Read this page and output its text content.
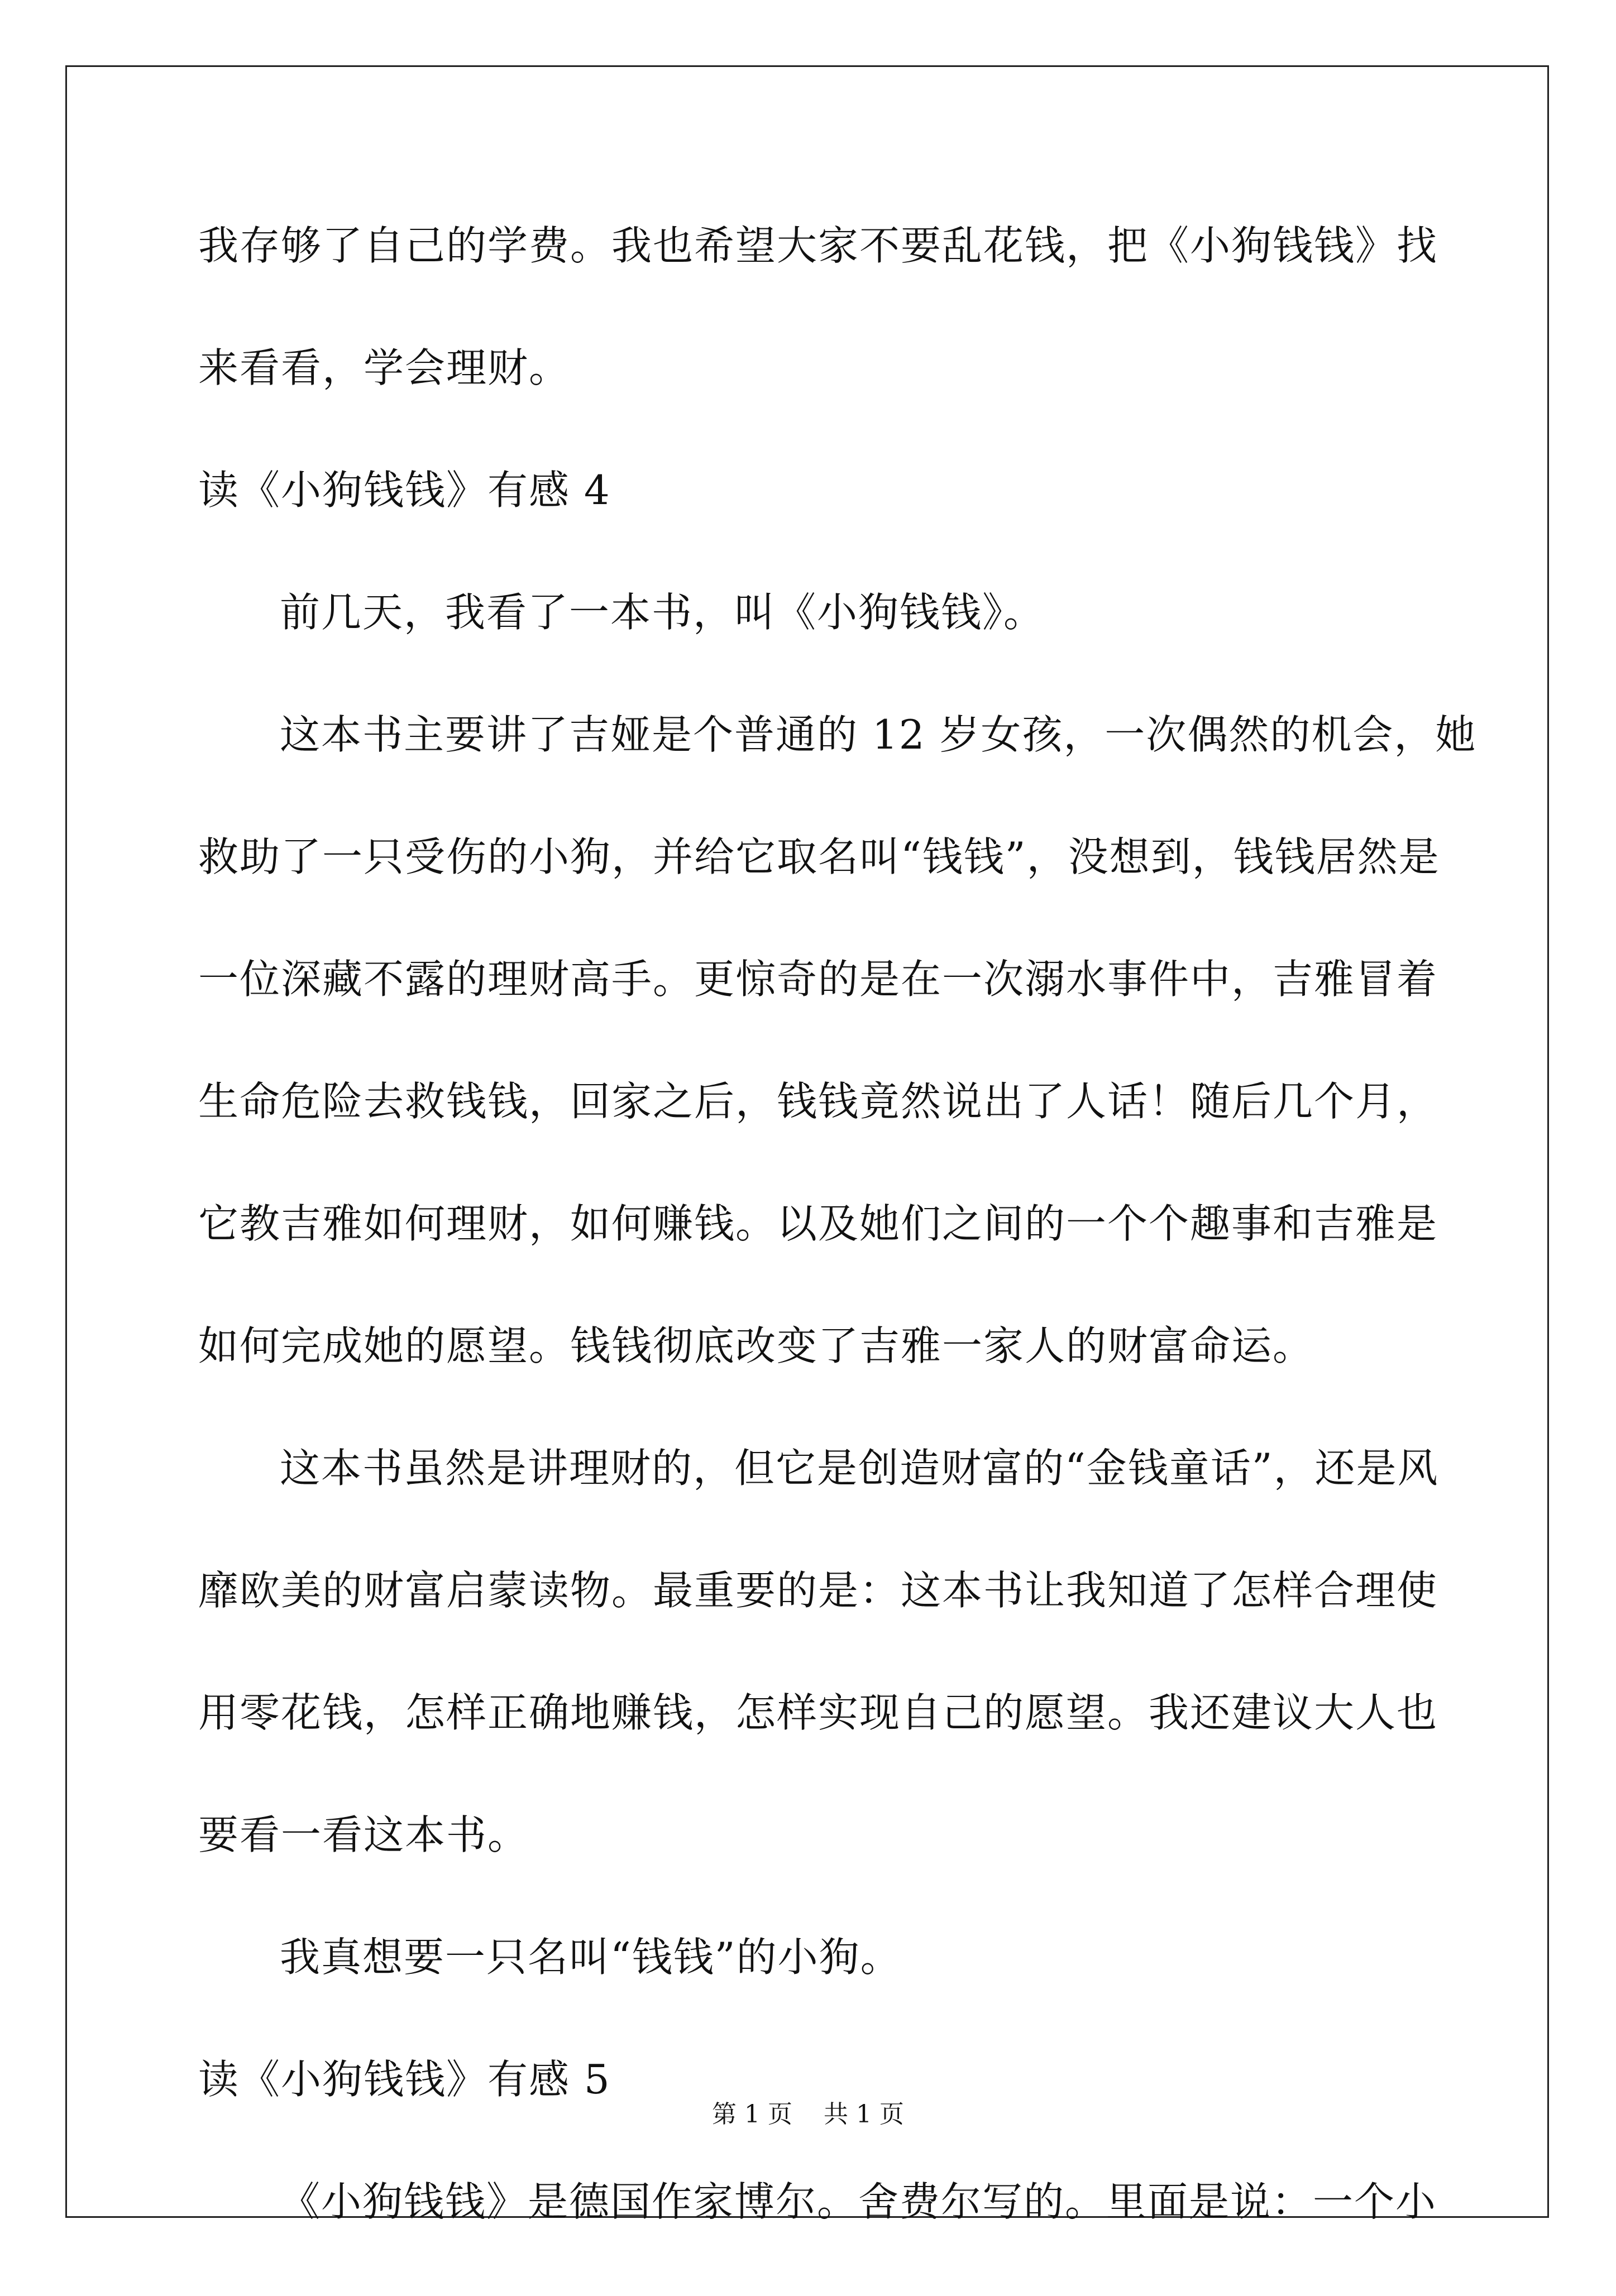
我存够了自己的学费。我也希望大家不要乱花钱，把《小狗钱钱》找
来看看，学会理财。
读《小狗钱钱》有感 4
前几天，我看了一本书，叫《小狗钱钱》。
这本书主要讲了吉娅是个普通的 12 岁女孩，一次偶然的机会，她
救助了一只受伤的小狗，并给它取名叫“钱钱”，没想到，钱钱居然是
一位深藏不露的理财高手。更惊奇的是在一次溺水事件中，吉雅冒着
生命危险去救钱钱，回家之后，钱钱竟然说出了人话！随后几个月，
它教吉雅如何理财，如何赚钱。以及她们之间的一个个趣事和吉雅是
如何完成她的愿望。钱钱彻底改变了吉雅一家人的财富命运。
这本书虽然是讲理财的，但它是创造财富的“金钱童话”，还是风
靡欧美的财富启蒙读物。最重要的是：这本书让我知道了怎样合理使
用零花钱，怎样正确地赚钱，怎样实现自己的愿望。我还建议大人也
要看一看这本书。
我真想要一只名叫“钱钱”的小狗。
读《小狗钱钱》有感 5
《小狗钱钱》是德国作家博尔。舍费尔写的。里面是说：一个小
第 1 页    共 1 页
